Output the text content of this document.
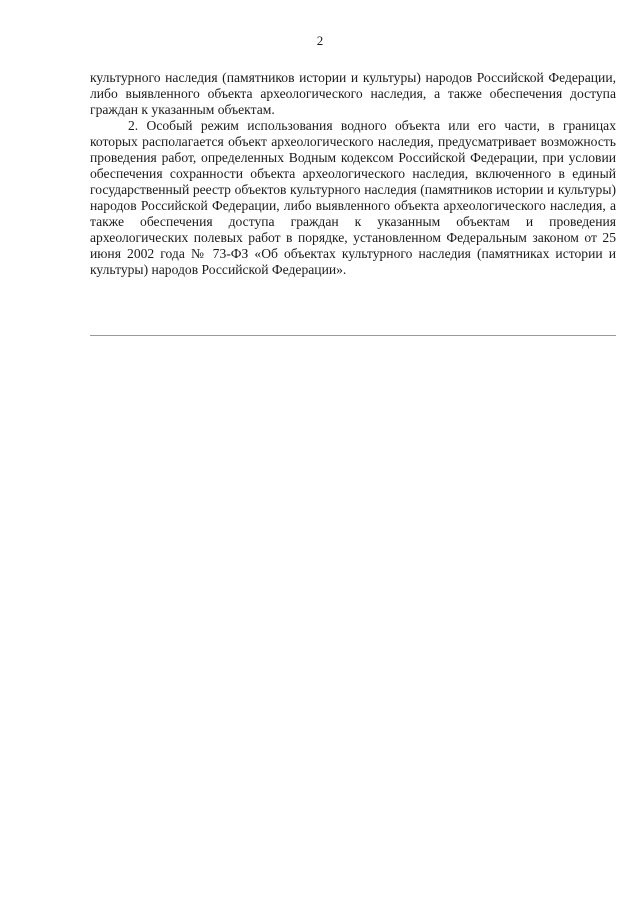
2

культурного наследия (памятников истории и культуры) народов Российской Федерации, либо выявленного объекта археологического наследия, а также обеспечения доступа граждан к указанным объектам.

2. Особый режим использования водного объекта или его части, в границах которых располагается объект археологического наследия, предусматривает возможность проведения работ, определенных Водным кодексом Российской Федерации, при условии обеспечения сохранности объекта археологического наследия, включенного в единый государственный реестр объектов культурного наследия (памятников истории и культуры) народов Российской Федерации, либо выявленного объекта археологического наследия, а также обеспечения доступа граждан к указанным объектам и проведения археологических полевых работ в порядке, установленном Федеральным законом от 25 июня 2002 года № 73-ФЗ «Об объектах культурного наследия (памятниках истории и культуры) народов Российской Федерации».
